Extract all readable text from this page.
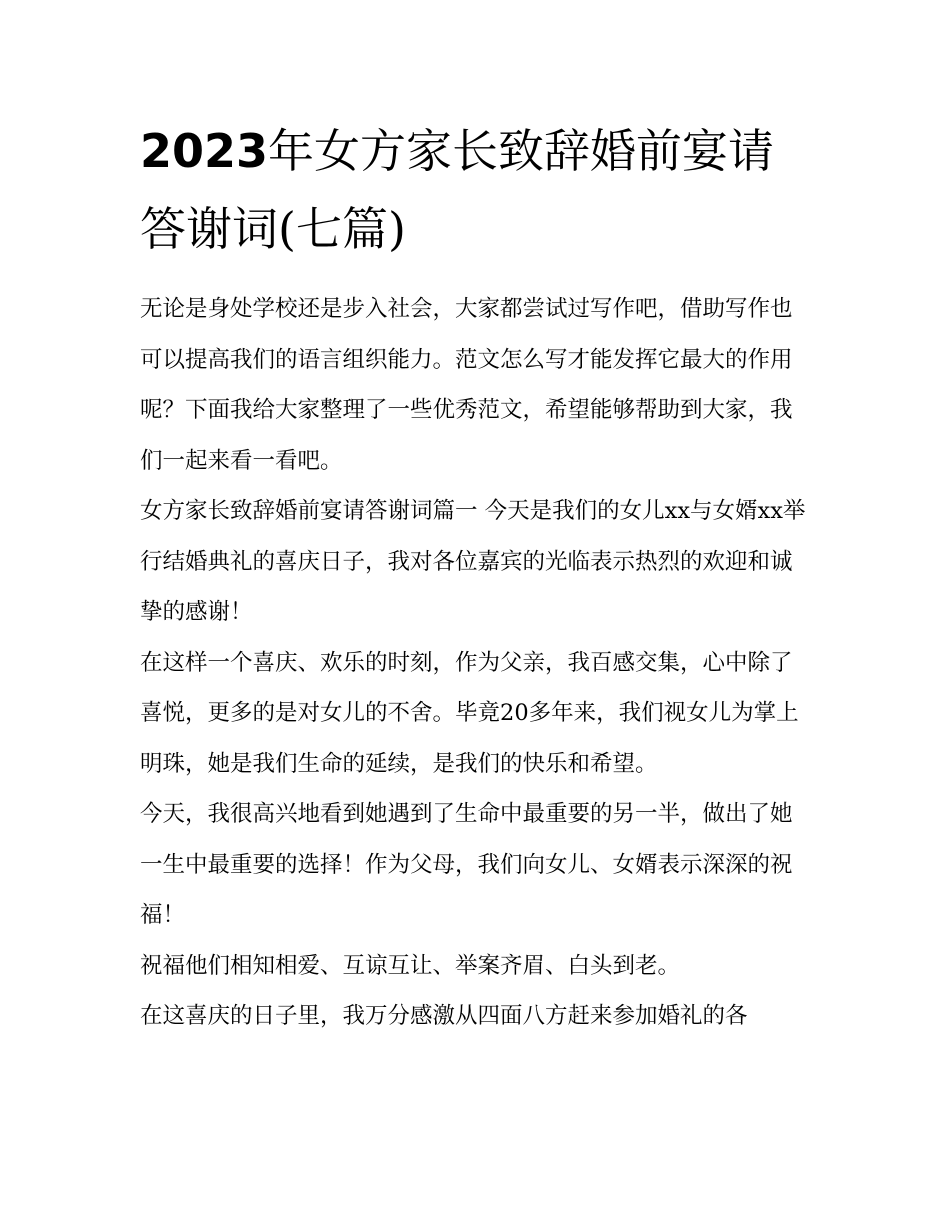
2023年女方家长致辞婚前宴请答谢词(七篇)

无论是身处学校还是步入社会，大家都尝试过写作吧，借助写作也可以提高我们的语言组织能力。范文怎么写才能发挥它最大的作用呢？下面我给大家整理了一些优秀范文，希望能够帮助到大家，我们一起来看一看吧。

女方家长致辞婚前宴请答谢词篇一 今天是我们的女儿xx与女婿xx举行结婚典礼的喜庆日子，我对各位嘉宾的光临表示热烈的欢迎和诚挚的感谢！

在这样一个喜庆、欢乐的时刻，作为父亲，我百感交集，心中除了喜悦，更多的是对女儿的不舍。毕竟20多年来，我们视女儿为掌上明珠，她是我们生命的延续，是我们的快乐和希望。

今天，我很高兴地看到她遇到了生命中最重要的另一半，做出了她一生中最重要的选择！作为父母，我们向女儿、女婿表示深深的祝福！

祝福他们相知相爱、互谅互让、举案齐眉、白头到老。

在这喜庆的日子里，我万分感激从四面八方赶来参加婚礼的各
